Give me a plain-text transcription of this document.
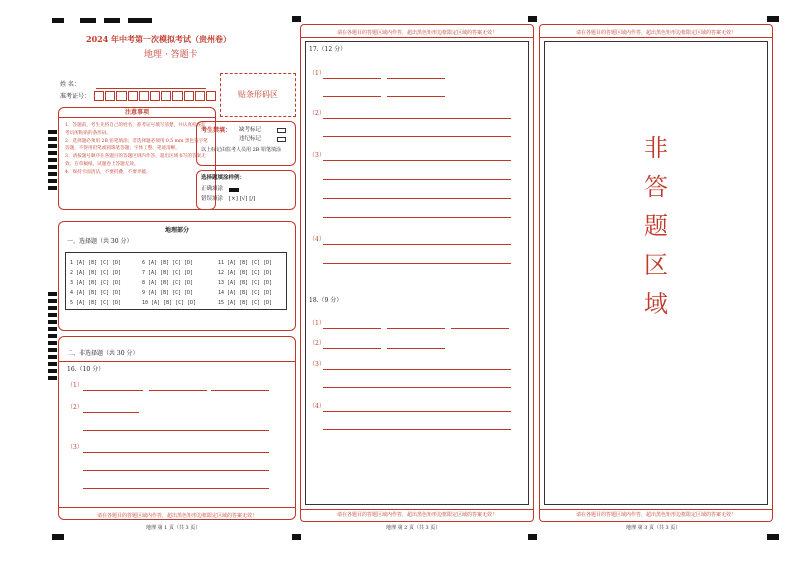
2024 年中考第一次模拟考试（贵州卷）
地理 · 答题卡
姓 名：
准考证号：	贴条形码区
注意事项
1．答题前，考生先将自己的姓名，准考证号填写清楚，并认真检查监考员所粘贴的条形码。
2．选择题必须用 2B 铅笔填涂；非选择题必须用 0.5 mm 黑色签字笔答题，不得用铅笔或圆珠笔答题；字体工整、笔迹清晰。
3．请按题号顺序在各题目的答题区域内作答，超出区域书写的答案无效；在草稿纸、试题卷上答题无效。
4．保持卡面清洁，不要折叠、不要弄破。
考生禁填： 缺考标记
违纪标记
以上标记由监考人员用 2B 铅笔填涂
选择题填涂样例：
正确填涂
错误填涂 [×] [√] [/]
地理部分
一、选择题（共 30 分）
1 [A] [B] [C] [D]
2 [A] [B] [C] [D]
3 [A] [B] [C] [D]
4 [A] [B] [C] [D]
5 [A] [B] [C] [D]
6 [A] [B] [C] [D]
7 [A] [B] [C] [D]
8 [A] [B] [C] [D]
9 [A] [B] [C] [D]
10 [A] [B] [C] [D]
11 [A] [B] [C] [D]
12 [A] [B] [C] [D]
13 [A] [B] [C] [D]
14 [A] [B] [C] [D]
15 [A] [B] [C] [D]
二、非选择题（共 30 分）
16.（10 分）
（1）
（2）
（3）
请在各题目的答题区域内作答，超出黑色矩形边框限定区域的答案无效！
地理 第 1 页（共 3 页）
请在各题目的答题区域内作答，超出黑色矩形边框限定区域的答案无效！
17.（12 分）
（1）
（2）
（3）
（4）
18.（9 分）
（1）
（2）
（3）
（4）
请在各题目的答题区域内作答，超出黑色矩形边框限定区域的答案无效！
地理 第 2 页（共 3 页）
请在各题目的答题区域内作答，超出黑色矩形边框限定区域的答案无效！
非
答
题
区
域
请在各题目的答题区域内作答，超出黑色矩形边框限定区域的答案无效！
地理 第 3 页（共 3 页）
